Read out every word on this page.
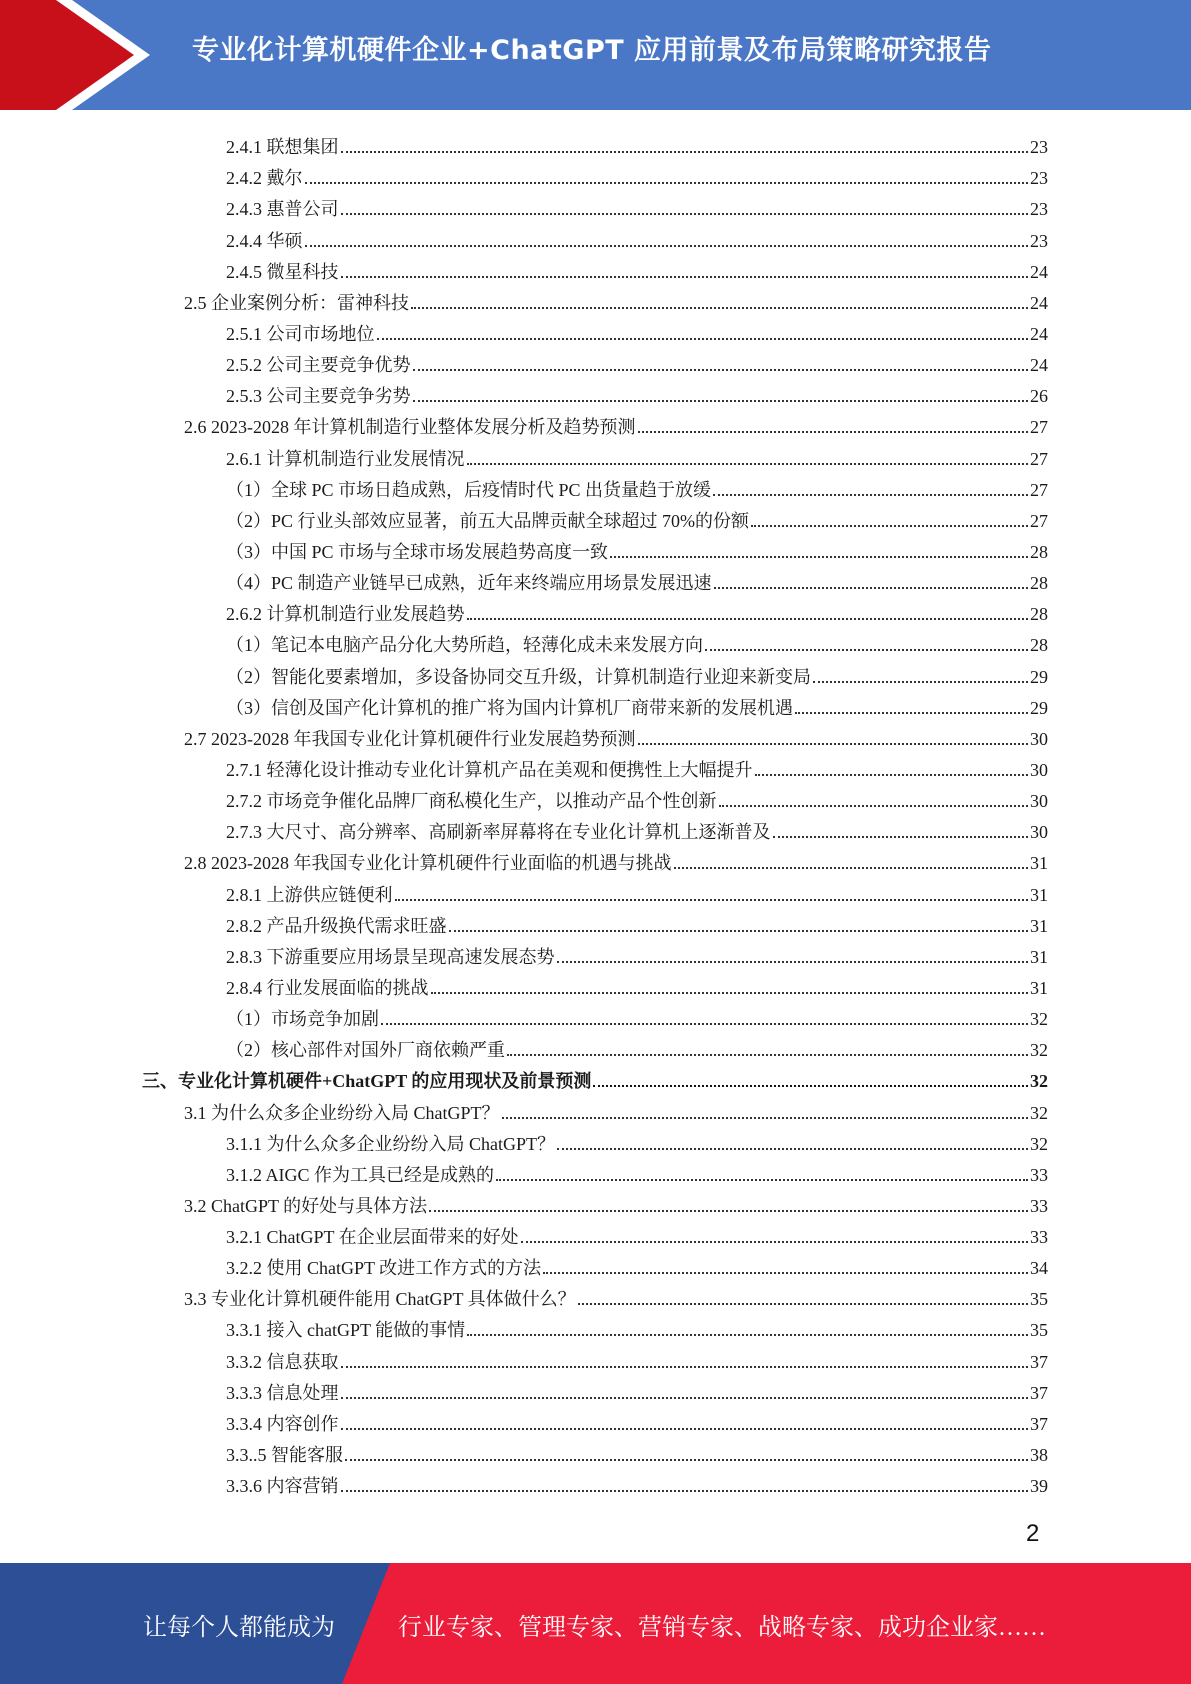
专业化计算机硬件企业+ChatGPT 应用前景及布局策略研究报告
2.4.1 联想集团	23
2.4.2 戴尔	23
2.4.3 惠普公司	23
2.4.4 华硕	23
2.4.5 微星科技	24
2.5 企业案例分析：雷神科技	24
2.5.1 公司市场地位	24
2.5.2 公司主要竞争优势	24
2.5.3 公司主要竞争劣势	26
2.6 2023-2028 年计算机制造行业整体发展分析及趋势预测	27
2.6.1 计算机制造行业发展情况	27
（1）全球 PC 市场日趋成熟，后疫情时代 PC 出货量趋于放缓	27
（2）PC 行业头部效应显著，前五大品牌贡献全球超过 70%的份额	27
（3）中国 PC 市场与全球市场发展趋势高度一致	28
（4）PC 制造产业链早已成熟，近年来终端应用场景发展迅速	28
2.6.2 计算机制造行业发展趋势	28
（1）笔记本电脑产品分化大势所趋，轻薄化成未来发展方向	28
（2）智能化要素增加，多设备协同交互升级，计算机制造行业迎来新变局	29
（3）信创及国产化计算机的推广将为国内计算机厂商带来新的发展机遇	29
2.7 2023-2028 年我国专业化计算机硬件行业发展趋势预测	30
2.7.1 轻薄化设计推动专业化计算机产品在美观和便携性上大幅提升	30
2.7.2 市场竞争催化品牌厂商私模化生产，以推动产品个性创新	30
2.7.3 大尺寸、高分辨率、高刷新率屏幕将在专业化计算机上逐渐普及	30
2.8 2023-2028 年我国专业化计算机硬件行业面临的机遇与挑战	31
2.8.1 上游供应链便利	31
2.8.2 产品升级换代需求旺盛	31
2.8.3 下游重要应用场景呈现高速发展态势	31
2.8.4 行业发展面临的挑战	31
（1）市场竞争加剧	32
（2）核心部件对国外厂商依赖严重	32
三、专业化计算机硬件+ChatGPT 的应用现状及前景预测	32
3.1 为什么众多企业纷纷入局 ChatGPT？	32
3.1.1 为什么众多企业纷纷入局 ChatGPT？	32
3.1.2 AIGC 作为工具已经是成熟的	33
3.2 ChatGPT 的好处与具体方法	33
3.2.1 ChatGPT 在企业层面带来的好处	33
3.2.2 使用 ChatGPT 改进工作方式的方法	34
3.3 专业化计算机硬件能用 ChatGPT 具体做什么？	35
3.3.1 接入 chatGPT 能做的事情	35
3.3.2 信息获取	37
3.3.3 信息处理	37
3.3.4 内容创作	37
3.3..5 智能客服	38
3.3.6 内容营销	39
2
让每个人都能成为	行业专家、管理专家、营销专家、战略专家、成功企业家……
